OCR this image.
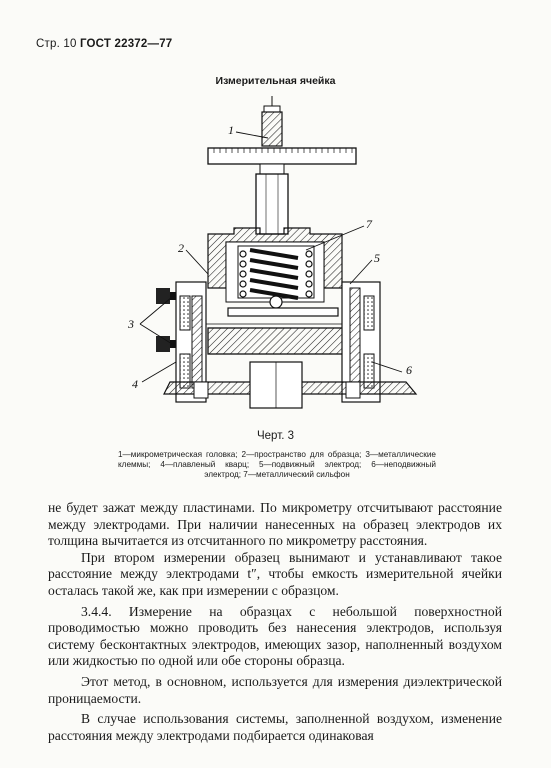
Стр. 10 ГОСТ 22372—77
Измерительная ячейка
1
2
3
4
5
6
7
Черт. 3
1—микрометрическая головка; 2—пространство для образца; 3—металлические клеммы; 4—плавленый кварц; 5—подвижный электрод; 6—неподвижный электрод; 7—металлический сильфон

не будет зажат между пластинами. По микрометру отсчитывают расстояние между электродами. При наличии нанесенных на образец электродов их толщина вычитается из отсчитанного по микрометру расстояния.

При втором измерении образец вынимают и устанавливают такое расстояние между электродами t″, чтобы емкость измерительной ячейки осталась такой же, как при измерении с образцом.

3.4.4. Измерение на образцах с небольшой поверхностной проводимостью можно проводить без нанесения электродов, используя систему бесконтактных электродов, имеющих зазор, наполненный воздухом или жидкостью по одной или обе стороны образца.

Этот метод, в основном, используется для измерения диэлектрической проницаемости.

В случае использования системы, заполненной воздухом, изменение расстояния между электродами подбирается одинаковая
